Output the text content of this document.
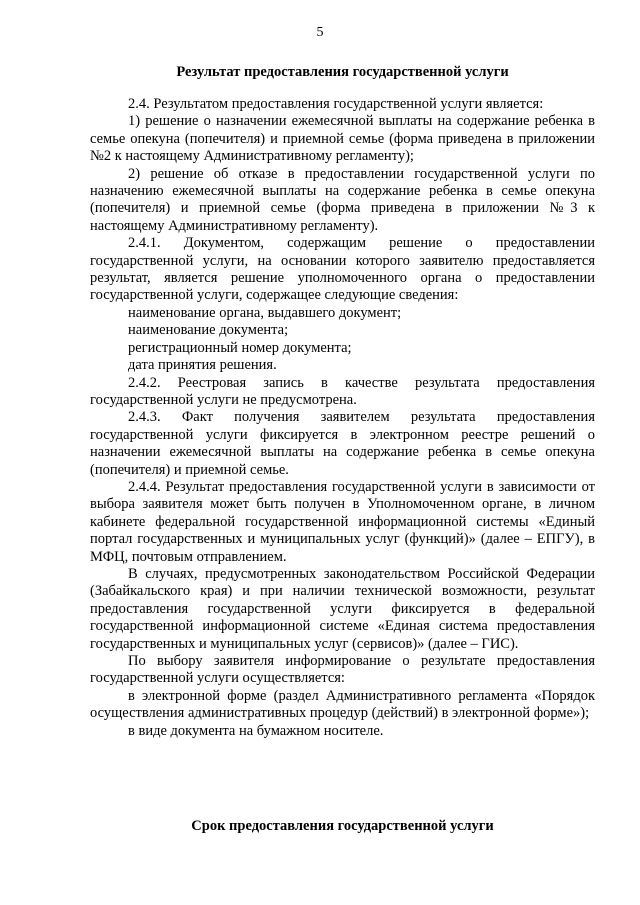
5
Результат предоставления государственной услуги

2.4. Результатом предоставления государственной услуги является:

1) решение о назначении ежемесячной выплаты на содержание ребенка в семье опекуна (попечителя) и приемной семье (форма приведена в приложении №2 к настоящему Административному регламенту);

2) решение об отказе в предоставлении государственной услуги по назначению ежемесячной выплаты на содержание ребенка в семье опекуна (попечителя) и приемной семье (форма приведена в приложении №3 к настоящему Административному регламенту).

2.4.1. Документом, содержащим решение о предоставлении государственной услуги, на основании которого заявителю предоставляется результат, является решение уполномоченного органа о предоставлении государственной услуги, содержащее следующие сведения:

наименование органа, выдавшего документ;

наименование документа;

регистрационный номер документа;

дата принятия решения.

2.4.2. Реестровая запись в качестве результата предоставления государственной услуги не предусмотрена.

2.4.3. Факт получения заявителем результата предоставления государственной услуги фиксируется в электронном реестре решений о назначении ежемесячной выплаты на содержание ребенка в семье опекуна (попечителя) и приемной семье.

2.4.4. Результат предоставления государственной услуги в зависимости от выбора заявителя может быть получен в Уполномоченном органе, в личном кабинете федеральной государственной информационной системы «Единый портал государственных и муниципальных услуг (функций)» (далее – ЕПГУ), в МФЦ, почтовым отправлением.

В случаях, предусмотренных законодательством Российской Федерации (Забайкальского края) и при наличии технической возможности, результат предоставления государственной услуги фиксируется в федеральной государственной информационной системе «Единая система предоставления государственных и муниципальных услуг (сервисов)» (далее – ГИС).

По выбору заявителя информирование о результате предоставления государственной услуги осуществляется:

в электронной форме (раздел Административного регламента «Порядок осуществления административных процедур (действий) в электронной форме»);

в виде документа на бумажном носителе.

Срок предоставления государственной услуги
